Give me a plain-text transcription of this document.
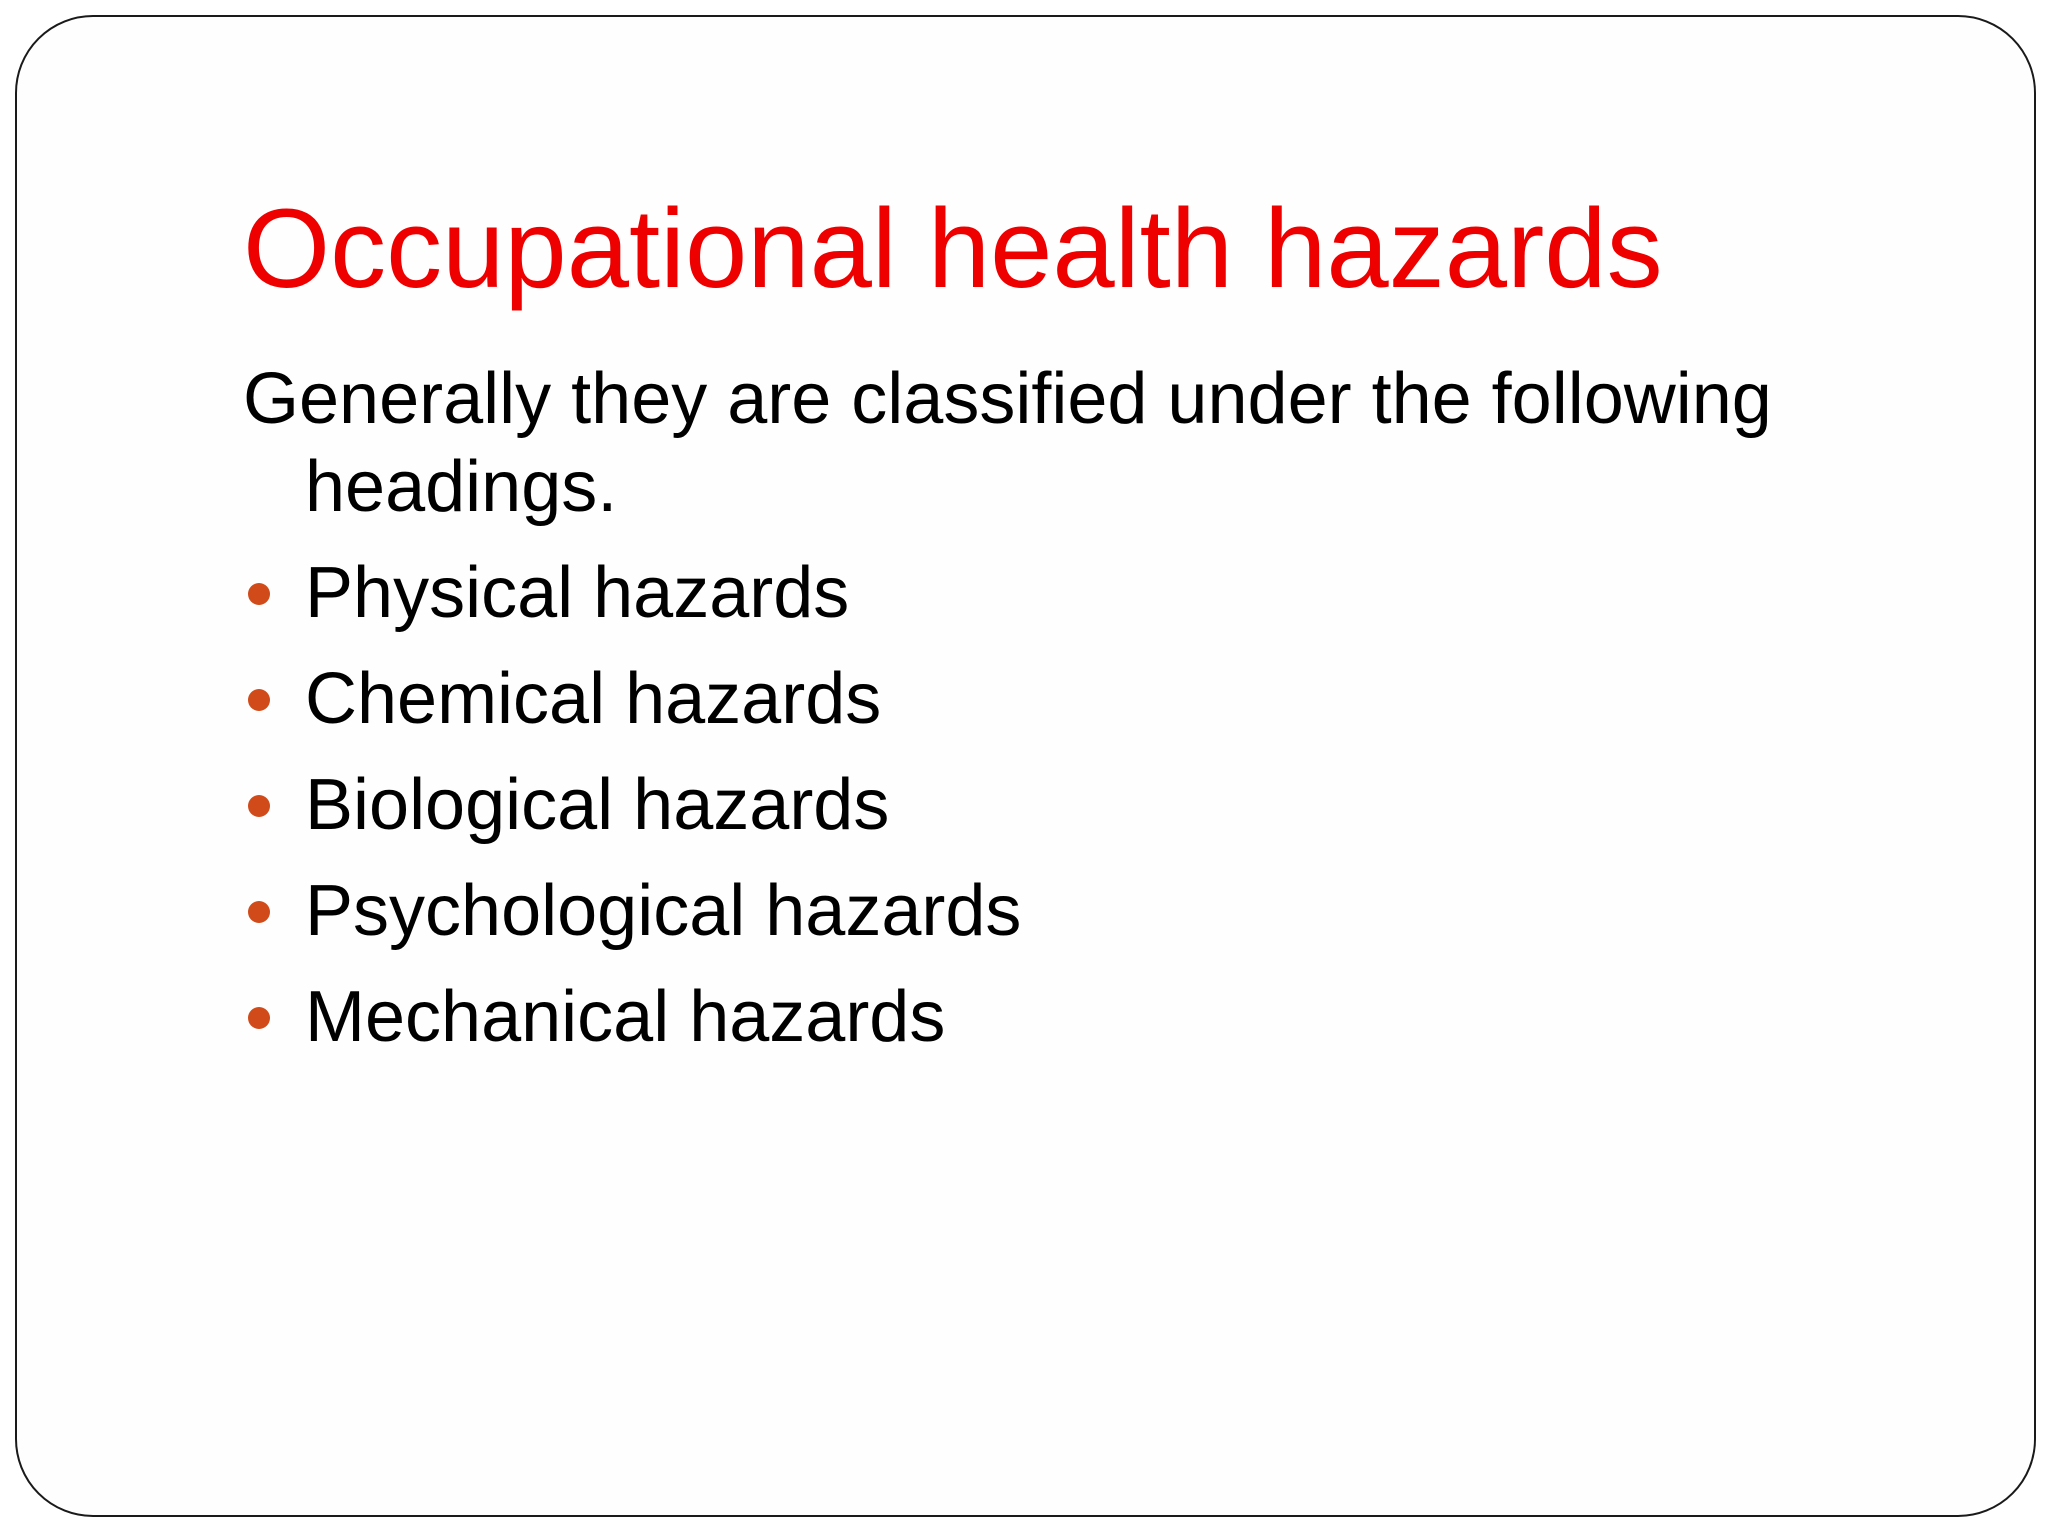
Occupational health hazards

Generally they are classified under the following headings.

Physical hazards
Chemical hazards
Biological hazards
Psychological hazards
Mechanical hazards
